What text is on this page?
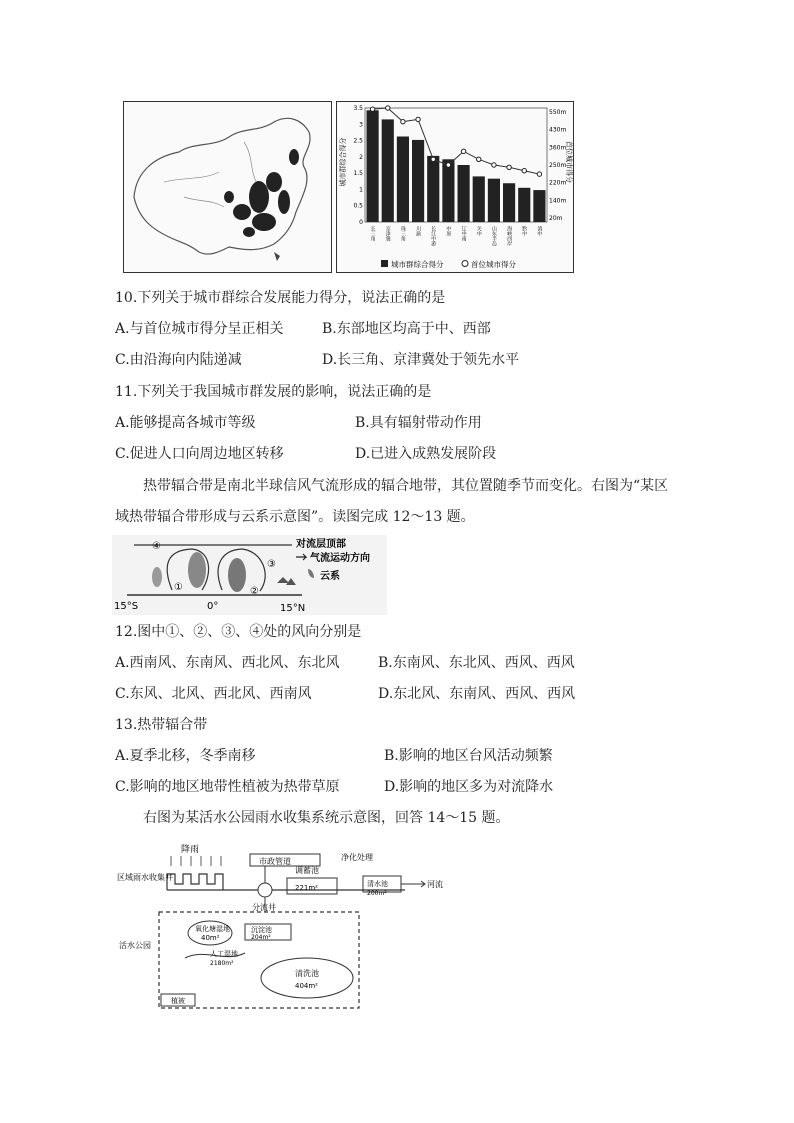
3.5
3
2.5
2
1.5
1
0.5
0
550m
430m
360m
250m
220m
140m
20m
长三角 京津冀 珠三角 川渝 长江中游 中原 辽中南 关中 山东半岛 海峡西岸 黔中 滇中
城市群综合得分	首位城市得分
城市群综合得分	首位城市得分
10.下列关于城市群综合发展能力得分，说法正确的是
A.与首位城市得分呈正相关	B.东部地区均高于中、西部
C.由沿海向内陆递减	D.长三角、京津冀处于领先水平
11.下列关于我国城市群发展的影响，说法正确的是
A.能够提高各城市等级	B.具有辐射带动作用
C.促进人口向周边地区转移	D.已进入成熟发展阶段
热带辐合带是南北半球信风气流形成的辐合地带，其位置随季节而变化。右图为“某区
域热带辐合带形成与云系示意图”。读图完成 12～13 题。
④
①	②
③
对流层顶部
气流运动方向
云系
15°S	0°	15°N
12.图中①、②、③、④处的风向分别是
A.西南风、东南风、西北风、东北风	B.东南风、东北风、西风、西风
C.东风、北风、西北风、西南风	D.东北风、东南风、西风、西风
13.热带辐合带
A.夏季北移，冬季南移	B.影响的地区台风活动频繁
C.影响的地区地带性植被为热带草原	D.影响的地区多为对流降水
右图为某活水公园雨水收集系统示意图，回答 14～15 题。
降雨
区域雨水收集井
市政管道
分流井
调蓄池
221m²
净化处理
清水池
200m²
河流
活水公园
氧化塘湿地
40m²
沉淀池
204m²
人工湿地
2180m²
清洗池
404m²
植被
